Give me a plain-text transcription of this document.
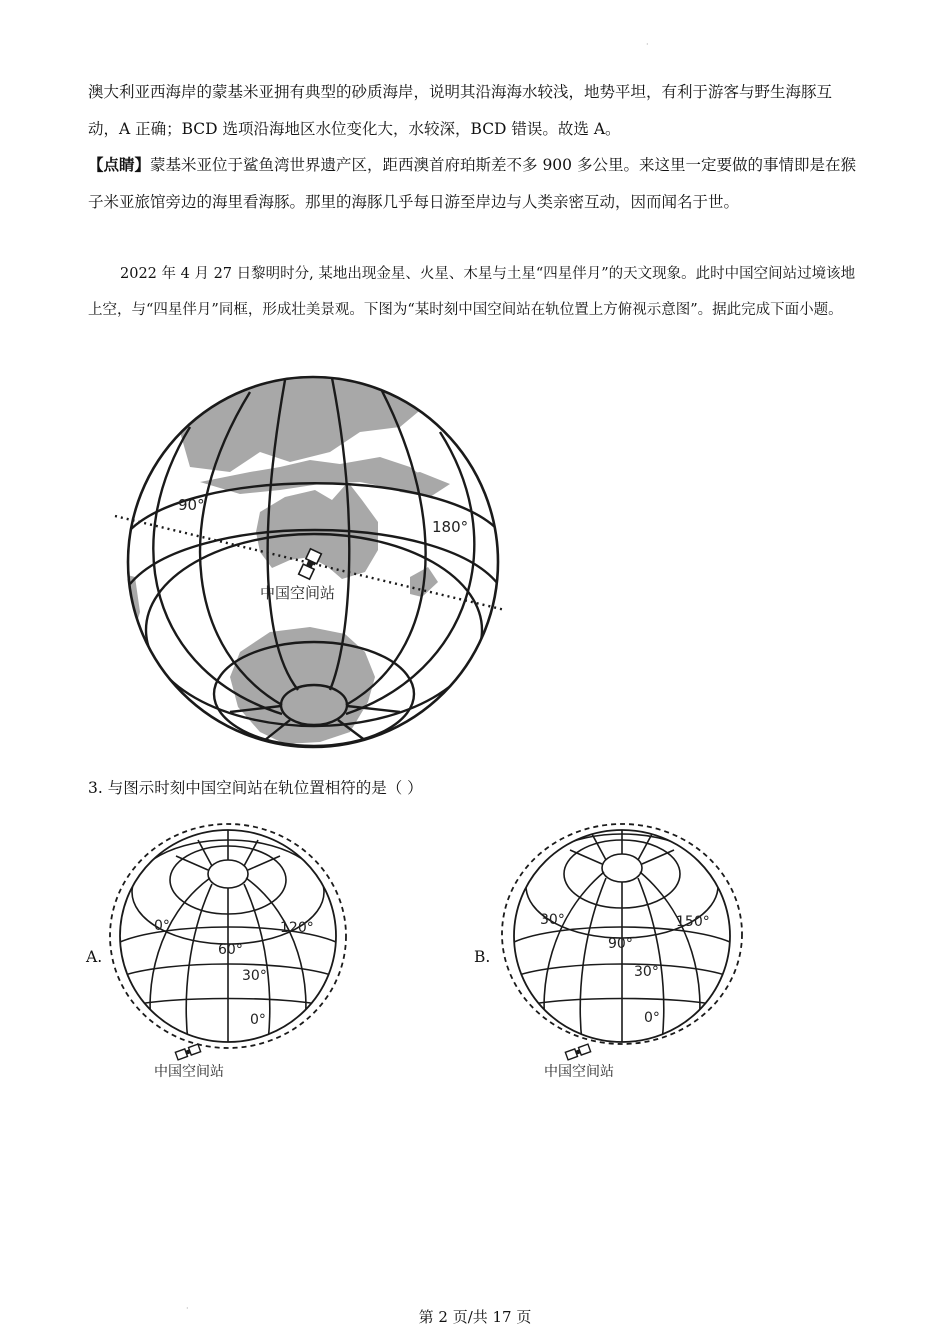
·

澳大利亚西海岸的蒙基米亚拥有典型的砂质海岸，说明其沿海海水较浅，地势平坦，有利于游客与野生海豚互动，A 正确；BCD 选项沿海地区水位变化大，水较深，BCD 错误。故选 A。

【点睛】蒙基米亚位于鲨鱼湾世界遗产区，距西澳首府珀斯差不多 900 多公里。来这里一定要做的事情即是在猴子米亚旅馆旁边的海里看海豚。那里的海豚几乎每日游至岸边与人类亲密互动，因而闻名于世。

2022 年 4 月 27 日黎明时分, 某地出现金星、火星、木星与土星“四星伴月”的天文现象。此时中国空间站过境该地上空，与“四星伴月”同框，形成壮美景观。下图为“某时刻中国空间站在轨位置上方俯视示意图”。据此完成下面小题。

90°
180°
中国空间站

3. 与图示时刻中国空间站在轨位置相符的是（ ）

A.
0°
60°
120°
30°
0°
中国空间站
B.
30°
90°
150°
30°
0°
中国空间站
·	第 2 页/共 17 页
